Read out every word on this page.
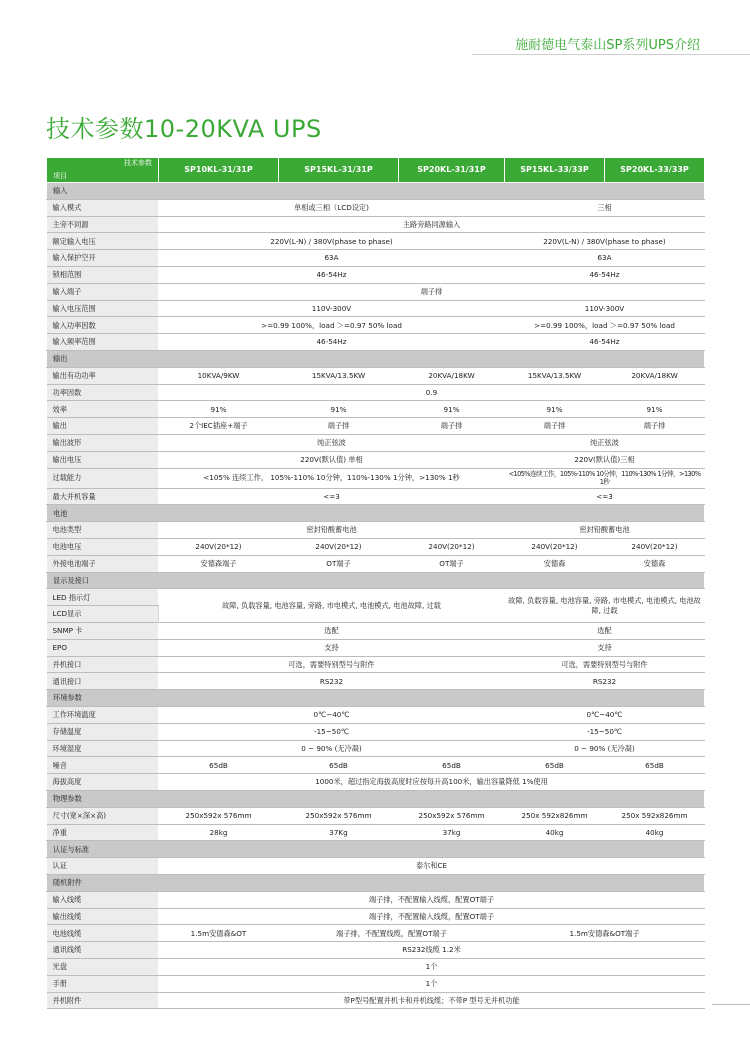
施耐德电气泰山SP系列UPS介绍
技术参数10-20KVA UPS
技术参数
项目	SP10KL-31/31P	SP15KL-31/31P	SP20KL-31/31P	SP15KL-33/33P	SP20KL-33/33P
输入					
输入模式	单相或三相（LCD设定)			三相	
主旁不同源	主路旁路同源输入				
额定输入电压	220V(L-N) / 380V(phase to phase)			220V(L-N) / 380V(phase to phase)	
输入保护空开	63A			63A	
锁相范围	46-54Hz			46-54Hz	
输入端子	端子排				
输入电压范围	110V-300V			110V-300V	
输入功率因数	>=0.99 100%，load ＞=0.97 50% load			>=0.99 100%，load ＞=0.97 50% load	
输入频率范围	46-54Hz			46-54Hz	
输出					
输出有功功率	10KVA/9KW	15KVA/13.5KW	20KVA/18KW	15KVA/13.5KW	20KVA/18KW
功率因数	0.9				
效率	91%	91%	91%	91%	91%
输出	2个IEC插座+端子	端子排	端子排	端子排	端子排
输出波形	纯正弦波			纯正弦波	
输出电压	220V(默认值) 单相			220V(默认值)三相	
过载能力	<105% 连续工作， 105%-110% 10分钟，110%-130% 1分钟，>130% 1秒			<105%连续工作，105%-110% 10分钟，110%-130% 1分钟，>130% 1秒	
最大并机容量	<=3			<=3	
电池					
电池类型	密封铅酸蓄电池			密封铅酸蓄电池	
电池电压	240V(20*12)	240V(20*12)	240V(20*12)	240V(20*12)	240V(20*12)
外接电池端子	安德森端子	OT端子	OT端子	安德森	安德森
显示及接口					
LED 指示灯	故障, 负载容量, 电池容量, 旁路, 市电模式, 电池模式, 电池故障, 过载			故障, 负载容量, 电池容量, 旁路, 市电模式, 电池模式, 电池故障, 过载	
LCD显示					
SNMP 卡	选配			选配	
EPO	支持			支持	
并机接口	可选，需要特别型号与附件			可选，需要特别型号与附件	
通讯接口	RS232			RS232	
环境参数					
工作环境温度	0℃~40℃			0℃~40℃	
存储温度	-15~50℃			-15~50℃	
环境湿度	0 ~ 90% (无冷凝)			0 ~ 90% (无冷凝)	
噪音	65dB	65dB	65dB	65dB	65dB
海拔高度	1000米，超过指定海拔高度时应按每升高100米，输出容量降低 1%使用				
物理参数					
尺寸(宽×深×高)	250x592x 576mm	250x592x 576mm	250x592x 576mm	250x 592x826mm	250x 592x826mm
净重	28kg	37Kg	37kg	40kg	40kg
认证与标准					
认证	泰尔和CE				
随机附件					
输入线缆	端子排，不配置输入线缆，配置OT端子				
输出线缆	端子排，不配置输入线缆，配置OT端子				
电池线缆	1.5m安德森&OT	端子排，不配置线缆，配置OT端子		1.5m安德森&OT端子	
通讯线缆	RS232线缆 1.2米				
光盘	1个				
手册	1个				
并机附件	带P型号配置并机卡和并机线缆；不带P 型号无并机功能				
